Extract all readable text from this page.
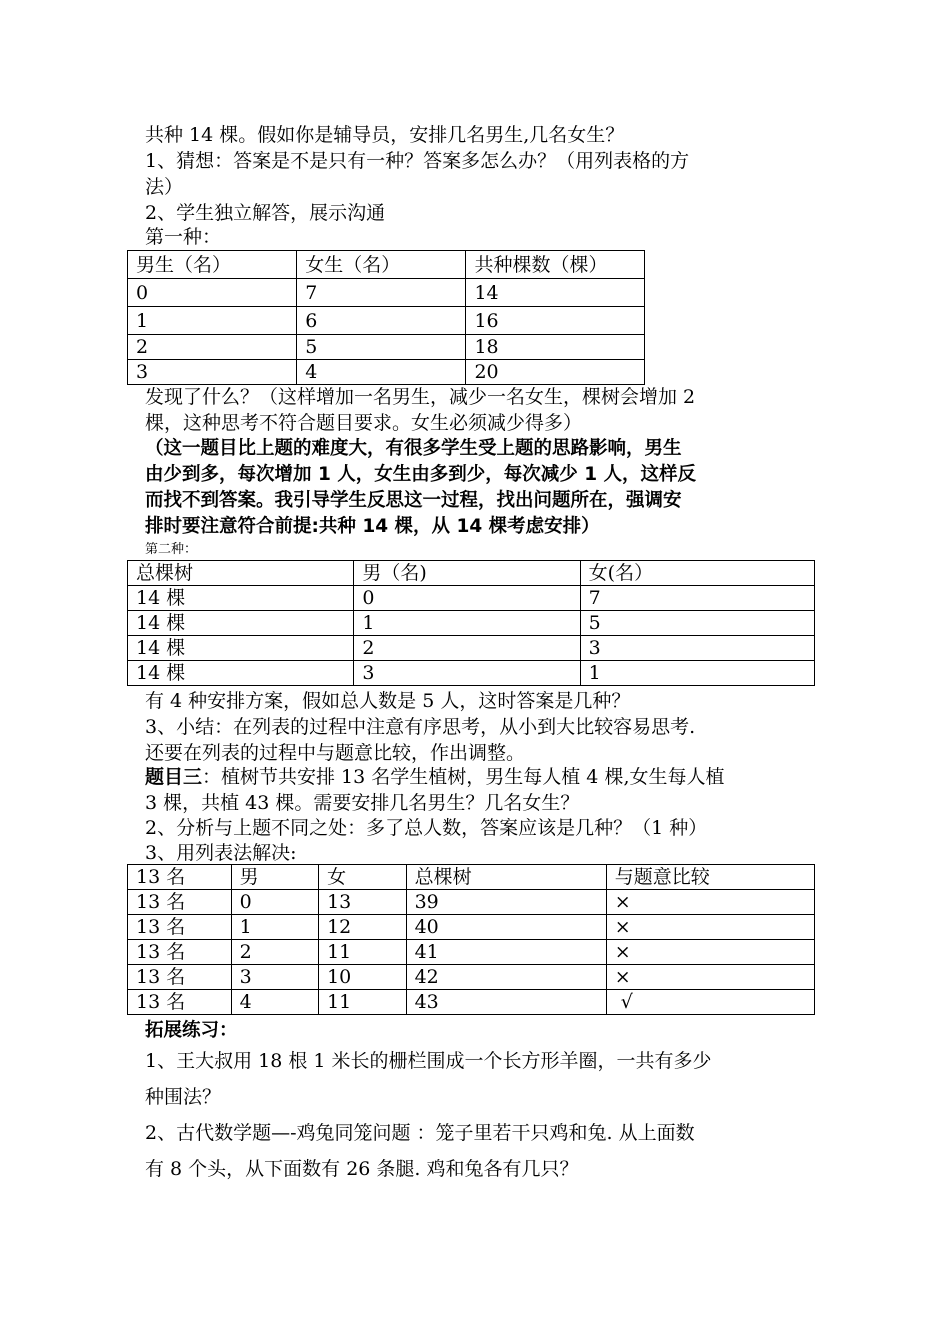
共种 14 棵。假如你是辅导员，安排几名男生,几名女生？
1、猜想：答案是不是只有一种？答案多怎么办？（用列表格的方
法）
2、学生独立解答，展示沟通
第一种：
男生（名）	女生（名）	共种棵数（棵）
0	7	14
1	6	16
2	5	18
3	4	20
发现了什么？（这样增加一名男生，减少一名女生，棵树会增加 2
棵，这种思考不符合题目要求。女生必须减少得多）
（这一题目比上题的难度大，有很多学生受上题的思路影响，男生
由少到多，每次增加 1 人，女生由多到少，每次减少 1 人，这样反
而找不到答案。我引导学生反思这一过程，找出问题所在，强调安
排时要注意符合前提:共种 14 棵，从 14 棵考虑安排）
第二种：
总棵树	男（名)	女(名）
14 棵	0	7
14 棵	1	5
14 棵	2	3
14 棵	3	1
有 4 种安排方案，假如总人数是 5 人，这时答案是几种？
3、小结：在列表的过程中注意有序思考，从小到大比较容易思考.
还要在列表的过程中与题意比较，作出调整。
题目三：植树节共安排 13 名学生植树，男生每人植 4 棵,女生每人植
3 棵，共植 43 棵。需要安排几名男生？几名女生？
2、分析与上题不同之处：多了总人数，答案应该是几种？（1 种）
3、用列表法解决:
13 名	男	女	总棵树	与题意比较
13 名	0	13	39	×
13 名	1	12	40	×
13 名	2	11	41	×
13 名	3	10	42	×
13 名	4	11	43	√
拓展练习：
1、王大叔用 18 根 1 米长的栅栏围成一个长方形羊圈，一共有多少
种围法？
2、古代数学题—-鸡兔同笼问题 ：笼子里若干只鸡和兔. 从上面数
有 8 个头，从下面数有 26 条腿. 鸡和兔各有几只？
